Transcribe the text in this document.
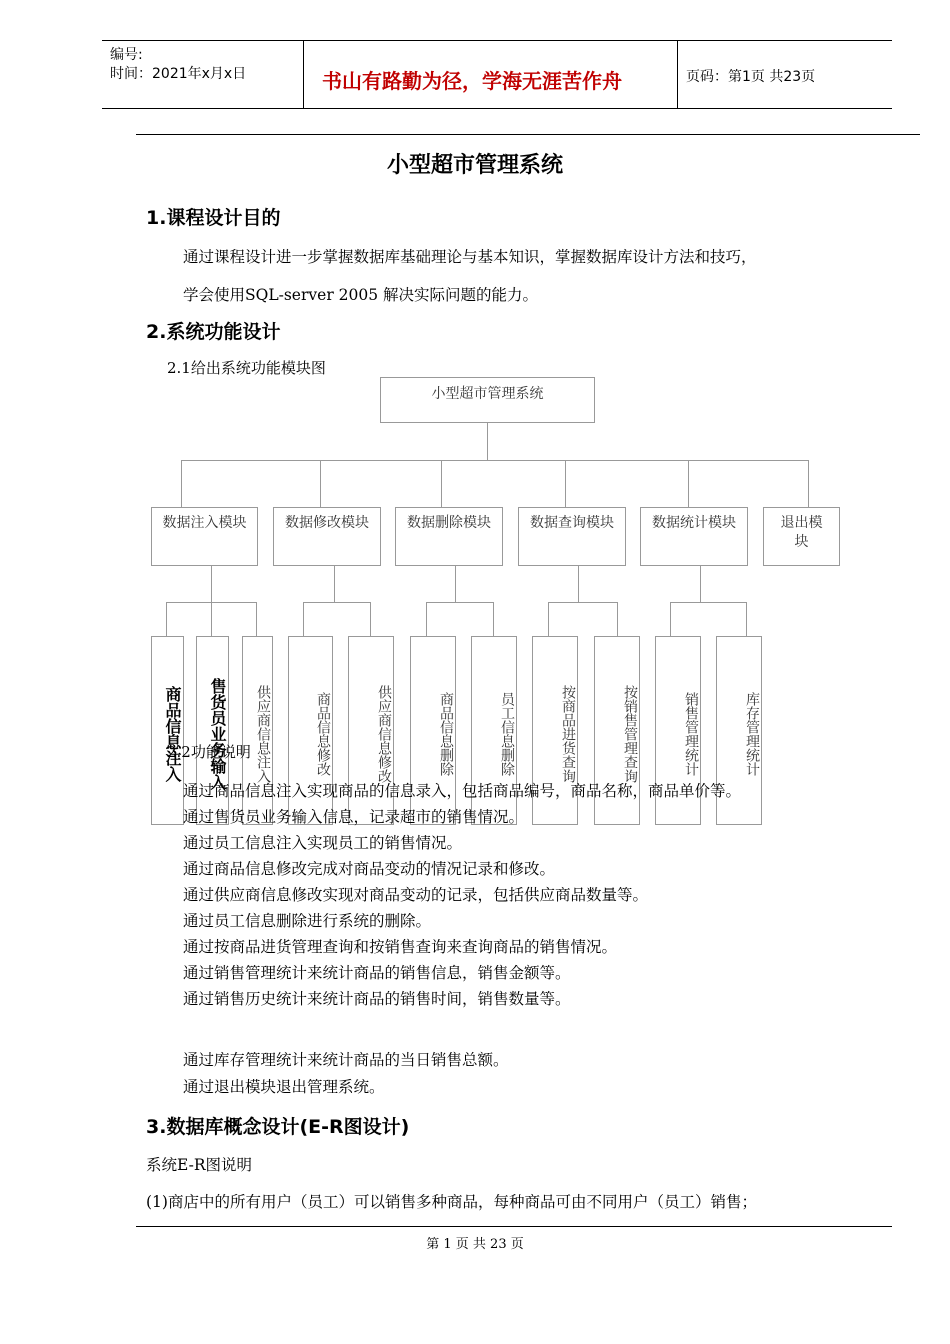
编号:
时间：2021年x月x日	书山有路勤为径，学海无涯苦作舟	页码：第1页 共23页
小型超市管理系统
1.课程设计目的
通过课程设计进一步掌握数据库基础理论与基本知识，掌握数据库设计方法和技巧，
学会使用SQL-server 2005 解决实际问题的能力。
2.系统功能设计
2.1给出系统功能模块图
小型超市管理系统
数据注入模块	数据修改模块	数据删除模块	数据查询模块	数据统计模块	退出模块
商品信息注入	售货员业务输入	供应商信息注入	商品信息修改	供应商信息修改	商品信息删除	员工信息删除	按商品进货查询	按销售管理查询	销售管理统计	库存管理统计
2.2功能说明
通过商品信息注入实现商品的信息录入，包括商品编号，商品名称，商品单价等。
通过售货员业务输入信息，记录超市的销售情况。
通过员工信息注入实现员工的销售情况。
通过商品信息修改完成对商品变动的情况记录和修改。
通过供应商信息修改实现对商品变动的记录，包括供应商品数量等。
通过员工信息删除进行系统的删除。
通过按商品进货管理查询和按销售查询来查询商品的销售情况。
通过销售管理统计来统计商品的销售信息，销售金额等。
通过销售历史统计来统计商品的销售时间，销售数量等。
通过库存管理统计来统计商品的当日销售总额。
通过退出模块退出管理系统。
3.数据库概念设计(E-R图设计)
系统E-R图说明
(1)商店中的所有用户（员工）可以销售多种商品，每种商品可由不同用户（员工）销售；
第 1 页 共 23 页
